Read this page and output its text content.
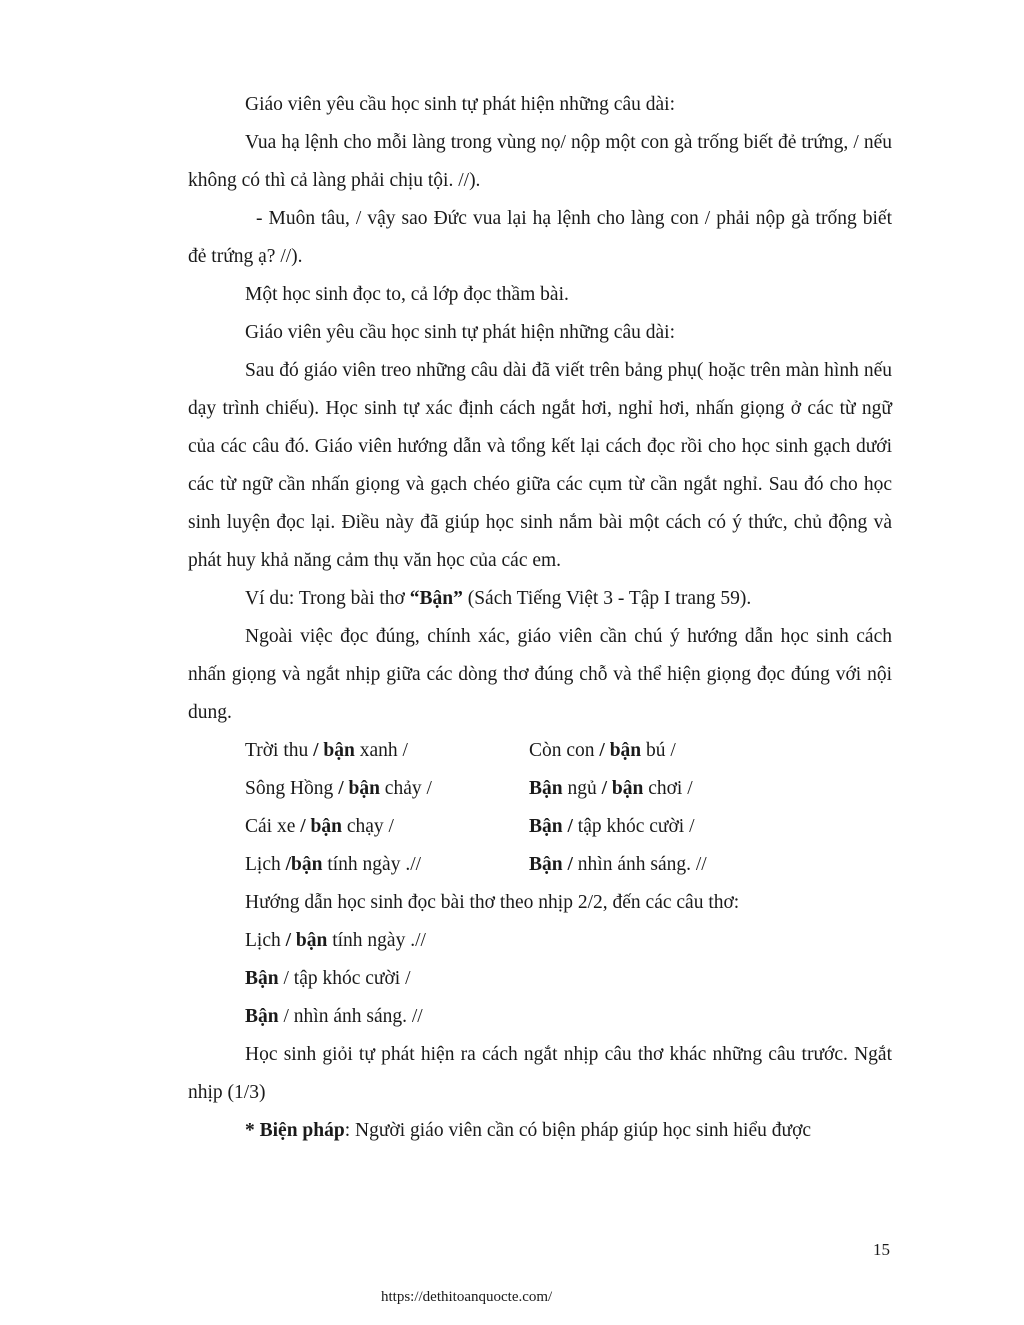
Giáo viên yêu cầu học sinh tự phát hiện những câu dài:

Vua hạ lệnh cho mỗi làng trong vùng nọ/ nộp một con gà trống biết đẻ trứng, / nếu không có thì cả làng phải chịu tội. //).

- Muôn tâu, / vậy sao Đức vua lại hạ lệnh cho làng con / phải nộp gà trống biết đẻ trứng ạ? //).

Một học sinh đọc to, cả lớp đọc thầm bài.

Giáo viên yêu cầu học sinh tự phát hiện những câu dài:

Sau đó giáo viên treo những câu dài đã viết trên bảng phụ( hoặc trên màn hình nếu dạy trình chiếu). Học sinh tự xác định cách ngắt hơi, nghỉ hơi, nhấn giọng ở các từ ngữ của các câu đó. Giáo viên hướng dẫn và tổng kết lại cách đọc rồi cho học sinh gạch dưới các từ ngữ cần nhấn giọng và gạch chéo giữa các cụm từ cần ngắt nghỉ. Sau đó cho học sinh luyện đọc lại. Điều này đã giúp học sinh nắm bài một cách có ý thức, chủ động và phát huy khả năng cảm thụ văn học của các em.

Ví du: Trong bài thơ “Bận” (Sách Tiếng Việt 3 - Tập I trang 59).

Ngoài việc đọc đúng, chính xác, giáo viên cần chú ý hướng dẫn học sinh cách nhấn giọng và ngắt nhịp giữa các dòng thơ đúng chỗ và thể hiện giọng đọc đúng với nội dung.

Trời thu / bận xanh /	Còn con / bận bú /
Sông Hồng / bận chảy /	Bận ngủ / bận chơi /
Cái xe / bận chạy /	Bận / tập khóc cười /
Lịch /bận tính ngày .//	Bận / nhìn ánh sáng. //

Hướng dẫn học sinh đọc bài thơ theo nhịp 2/2, đến các câu thơ:

Lịch / bận tính ngày .//
Bận / tập khóc cười /
Bận / nhìn ánh sáng. //

Học sinh giỏi tự phát hiện ra cách ngắt nhịp câu thơ khác những câu trước. Ngắt nhịp (1/3)

* Biện pháp: Người giáo viên cần có biện pháp giúp học sinh hiểu được

15
https://dethitoanquocte.com/
